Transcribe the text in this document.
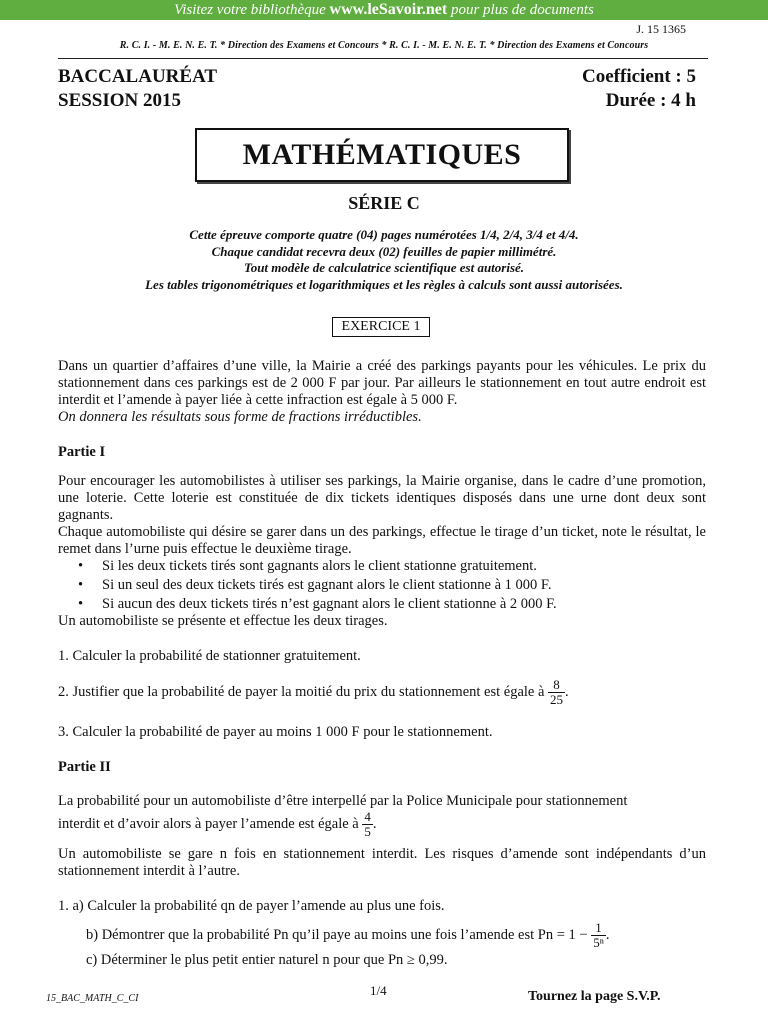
Visitez votre bibliothèque www.leSavoir.net pour plus de documents
J. 15 1365
R. C. I. - M. E. N. E. T. * Direction des Examens et Concours * R. C. I. - M. E. N. E. T. * Direction des Examens et Concours
BACCALAURÉAT
SESSION 2015
Coefficient : 5
Durée : 4 h
MATHÉMATIQUES
SÉRIE C
Cette épreuve comporte quatre (04) pages numérotées 1/4, 2/4, 3/4 et 4/4.
Chaque candidat recevra deux (02) feuilles de papier millimétré.
Tout modèle de calculatrice scientifique est autorisé.
Les tables trigonométriques et logarithmiques et les règles à calculs sont aussi autorisées.
EXERCICE 1
Dans un quartier d’affaires d’une ville, la Mairie a créé des parkings payants pour les véhicules. Le prix du stationnement dans ces parkings est de 2 000 F par jour. Par ailleurs le stationnement en tout autre endroit est interdit et l’amende à payer liée à cette infraction est égale à 5 000 F.
On donnera les résultats sous forme de fractions irréductibles.
Partie I
Pour encourager les automobilistes à utiliser ses parkings, la Mairie organise, dans le cadre d’une promotion, une loterie. Cette loterie est constituée de dix tickets identiques disposés dans une urne dont deux sont gagnants.
Chaque automobiliste qui désire se garer dans un des parkings, effectue le tirage d’un ticket, note le résultat, le remet dans l’urne puis effectue le deuxième tirage.
• Si les deux tickets tirés sont gagnants alors le client stationne gratuitement.
• Si un seul des deux tickets tirés est gagnant alors le client stationne à 1 000 F.
• Si aucun des deux tickets tirés n’est gagnant alors le client stationne à 2 000 F.
Un automobiliste se présente et effectue les deux tirages.
1. Calculer la probabilité de stationner gratuitement.
2. Justifier que la probabilité de payer la moitié du prix du stationnement est égale à $\frac{8}{25}$ .
3. Calculer la probabilité de payer au moins 1 000 F pour le stationnement.
Partie II
La probabilité pour un automobiliste d’être interpellé par la Police Municipale pour stationnement
interdit et d’avoir alors à payer l’amende est égale à $\frac{4}{5}$ .
Un automobiliste se gare n fois en stationnement interdit. Les risques d’amende sont indépendants d’un stationnement interdit à l’autre.
1. a) Calculer la probabilité qn de payer l’amende au plus une fois.
b) Démontrer que la probabilité Pn qu’il paye au moins une fois l’amende est $Pn = 1 - \frac{1}{\text{5ⁿ}}$ .
c) Déterminer le plus petit entier naturel n pour que Pn ≥ 0,99.
15_BAC_MATH_C_CI
1/4	Tournez la page S.V.P.
